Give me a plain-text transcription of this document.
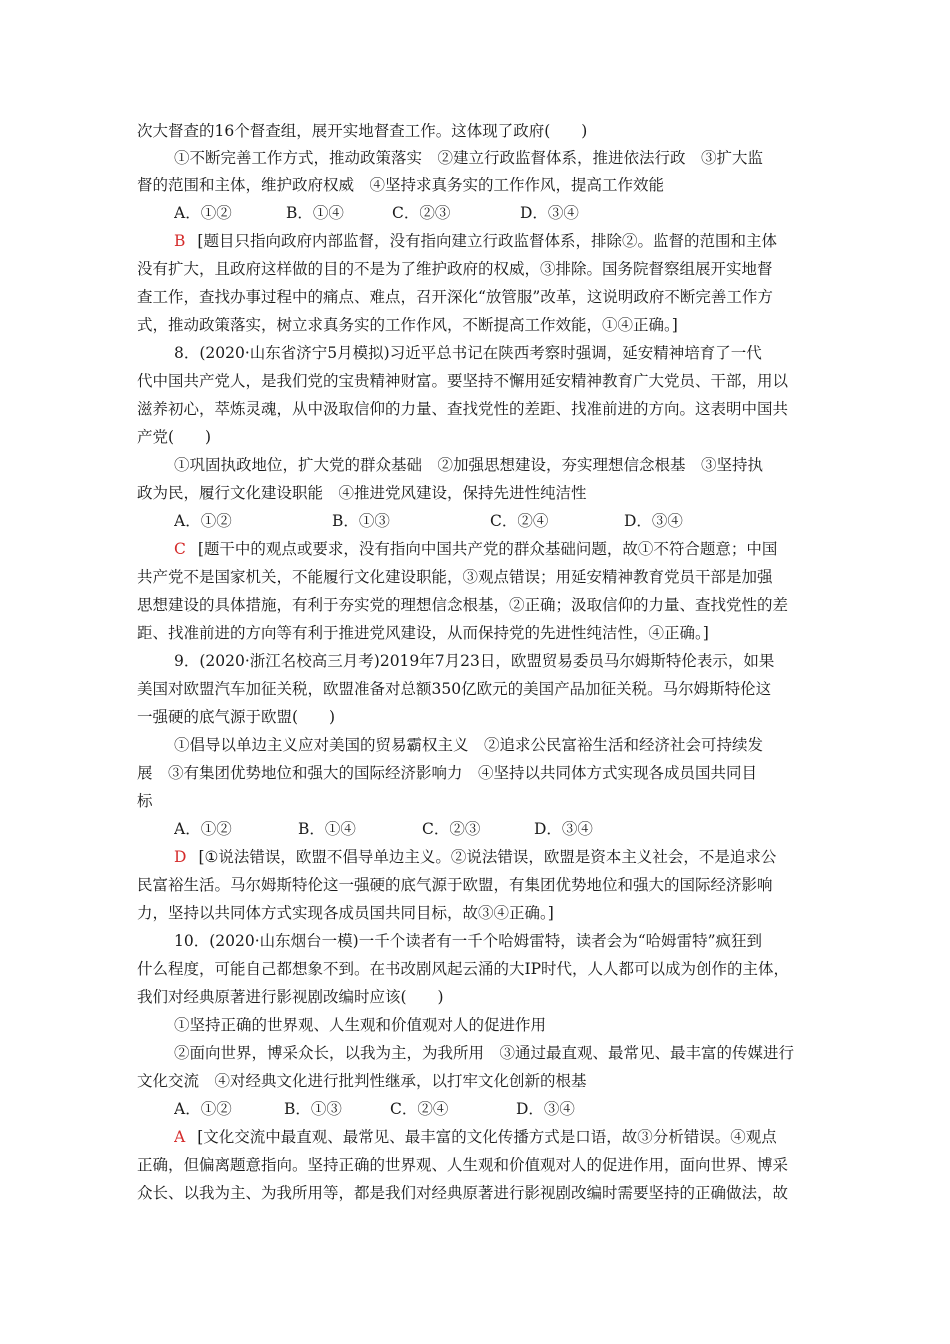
次大督查的16个督查组，展开实地督查工作。这体现了政府(　　)
①不断完善工作方式，推动政策落实　②建立行政监督体系，推进依法行政　③扩大监
督的范围和主体，维护政府权威　④坚持求真务实的工作作风，提高工作效能
A．①②	B．①④	C．②③	D．③④
B [题目只指向政府内部监督，没有指向建立行政监督体系，排除②。监督的范围和主体
没有扩大，且政府这样做的目的不是为了维护政府的权威，③排除。国务院督察组展开实地督
查工作，查找办事过程中的痛点、难点，召开深化“放管服”改革，这说明政府不断完善工作方
式，推动政策落实，树立求真务实的工作作风，不断提高工作效能，①④正确。]
8．(2020·山东省济宁5月模拟)习近平总书记在陕西考察时强调，延安精神培育了一代
代中国共产党人，是我们党的宝贵精神财富。要坚持不懈用延安精神教育广大党员、干部，用以
滋养初心，萃炼灵魂，从中汲取信仰的力量、查找党性的差距、找准前进的方向。这表明中国共
产党(　　)
①巩固执政地位，扩大党的群众基础　②加强思想建设，夯实理想信念根基　③坚持执
政为民，履行文化建设职能　④推进党风建设，保持先进性纯洁性
A．①②	B．①③	C．②④	D．③④
C [题干中的观点或要求，没有指向中国共产党的群众基础问题，故①不符合题意；中国
共产党不是国家机关，不能履行文化建设职能，③观点错误；用延安精神教育党员干部是加强
思想建设的具体措施，有利于夯实党的理想信念根基，②正确；汲取信仰的力量、查找党性的差
距、找准前进的方向等有利于推进党风建设，从而保持党的先进性纯洁性，④正确。]
9．(2020·浙江名校高三月考)2019年7月23日，欧盟贸易委员马尔姆斯特伦表示，如果
美国对欧盟汽车加征关税，欧盟准备对总额350亿欧元的美国产品加征关税。马尔姆斯特伦这
一强硬的底气源于欧盟(　　)
①倡导以单边主义应对美国的贸易霸权主义　②追求公民富裕生活和经济社会可持续发
展　③有集团优势地位和强大的国际经济影响力　④坚持以共同体方式实现各成员国共同目
标
A．①②	B．①④	C．②③	D．③④
D [①说法错误，欧盟不倡导单边主义。②说法错误，欧盟是资本主义社会，不是追求公
民富裕生活。马尔姆斯特伦这一强硬的底气源于欧盟，有集团优势地位和强大的国际经济影响
力，坚持以共同体方式实现各成员国共同目标，故③④正确。]
10．(2020·山东烟台一模)一千个读者有一千个哈姆雷特，读者会为“哈姆雷特”疯狂到
什么程度，可能自己都想象不到。在书改剧风起云涌的大IP时代，人人都可以成为创作的主体，
我们对经典原著进行影视剧改编时应该(　　)
①坚持正确的世界观、人生观和价值观对人的促进作用
②面向世界，博采众长，以我为主，为我所用　③通过最直观、最常见、最丰富的传媒进行
文化交流　④对经典文化进行批判性继承，以打牢文化创新的根基
A．①②	B．①③	C．②④	D．③④
A [文化交流中最直观、最常见、最丰富的文化传播方式是口语，故③分析错误。④观点
正确，但偏离题意指向。坚持正确的世界观、人生观和价值观对人的促进作用，面向世界、博采
众长、以我为主、为我所用等，都是我们对经典原著进行影视剧改编时需要坚持的正确做法，故
